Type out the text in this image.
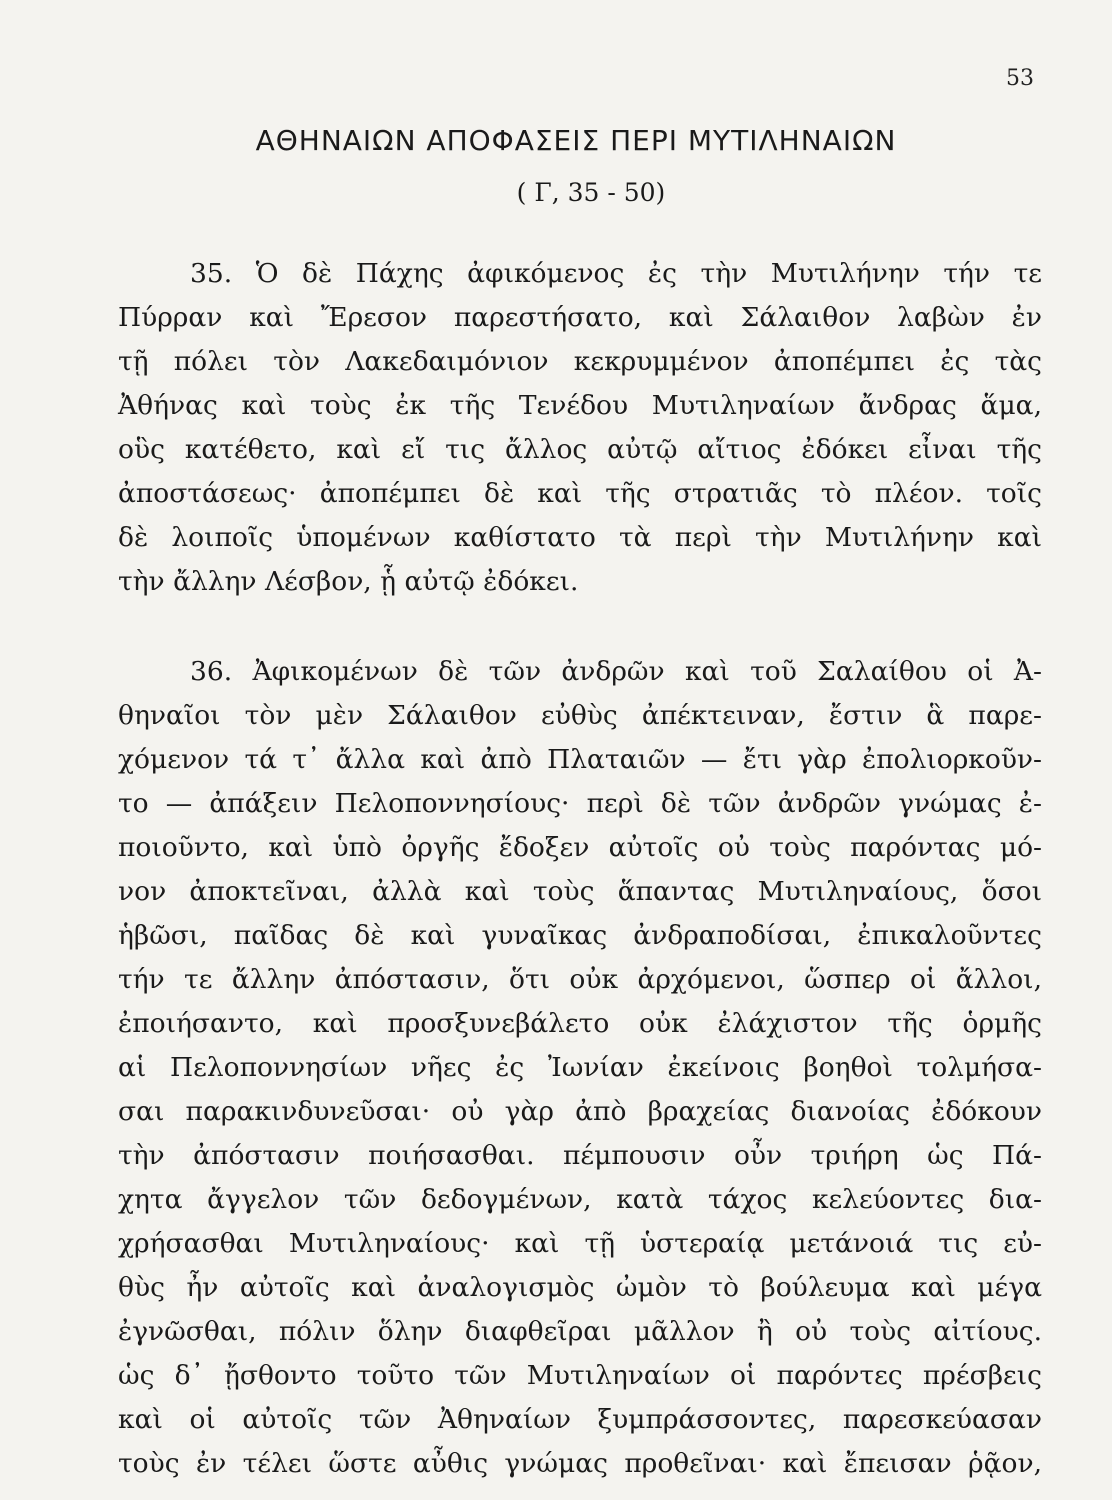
53
ΑΘΗΝΑΙΩΝ ΑΠΟΦΑΣΕΙΣ ΠΕΡΙ ΜΥΤΙΛΗΝΑΙΩΝ
( Γ, 35 - 50)
35. Ὁ δὲ Πάχης ἀφικόμενος ἐς τὴν Μυτιλήνην τήν τε
Πύρραν καὶ Ἔρεσον παρεστήσατο, καὶ Σάλαιθον λαβὼν ἐν
τῇ πόλει τὸν Λακεδαιμόνιον κεκρυμμένον ἀποπέμπει ἐς τὰς
Ἀθήνας καὶ τοὺς ἐκ τῆς Τενέδου Μυτιληναίων ἄνδρας ἅμα,
οὓς κατέθετο, καὶ εἴ τις ἄλλος αὐτῷ αἴτιος ἐδόκει εἶναι τῆς
ἀποστάσεως· ἀποπέμπει δὲ καὶ τῆς στρατιᾶς τὸ πλέον. τοῖς
δὲ λοιποῖς ὑπομένων καθίστατο τὰ περὶ τὴν Μυτιλήνην καὶ
τὴν ἄλλην Λέσβον, ᾗ αὐτῷ ἐδόκει.
36. Ἀφικομένων δὲ τῶν ἀνδρῶν καὶ τοῦ Σαλαίθου οἱ Ἀ-
θηναῖοι τὸν μὲν Σάλαιθον εὐθὺς ἀπέκτειναν, ἔστιν ἃ παρε-
χόμενον τά τ᾽ ἄλλα καὶ ἀπὸ Πλαταιῶν — ἔτι γὰρ ἐπολιορκοῦν-
το — ἀπάξειν Πελοποννησίους· περὶ δὲ τῶν ἀνδρῶν γνώμας ἐ-
ποιοῦντο, καὶ ὑπὸ ὀργῆς ἔδοξεν αὐτοῖς οὐ τοὺς παρόντας μό-
νον ἀποκτεῖναι, ἀλλὰ καὶ τοὺς ἅπαντας Μυτιληναίους, ὅσοι
ἡβῶσι, παῖδας δὲ καὶ γυναῖκας ἀνδραποδίσαι, ἐπικαλοῦντες
τήν τε ἄλλην ἀπόστασιν, ὅτι οὐκ ἀρχόμενοι, ὥσπερ οἱ ἄλλοι,
ἐποιήσαντο, καὶ προσξυνεβάλετο οὐκ ἐλάχιστον τῆς ὁρμῆς
αἱ Πελοποννησίων νῆες ἐς Ἰωνίαν ἐκείνοις βοηθοὶ τολμήσα-
σαι παρακινδυνεῦσαι· οὐ γὰρ ἀπὸ βραχείας διανοίας ἐδόκουν
τὴν ἀπόστασιν ποιήσασθαι. πέμπουσιν οὖν τριήρη ὡς Πά-
χητα ἄγγελον τῶν δεδογμένων, κατὰ τάχος κελεύοντες δια-
χρήσασθαι Μυτιληναίους· καὶ τῇ ὑστεραίᾳ μετάνοιά τις εὐ-
θὺς ἦν αὐτοῖς καὶ ἀναλογισμὸς ὠμὸν τὸ βούλευμα καὶ μέγα
ἐγνῶσθαι, πόλιν ὅλην διαφθεῖραι μᾶλλον ἢ οὐ τοὺς αἰτίους.
ὡς δ᾽ ᾔσθοντο τοῦτο τῶν Μυτιληναίων οἱ παρόντες πρέσβεις
καὶ οἱ αὐτοῖς τῶν Ἀθηναίων ξυμπράσσοντες, παρεσκεύασαν
τοὺς ἐν τέλει ὥστε αὖθις γνώμας προθεῖναι· καὶ ἔπεισαν ῥᾷον,
